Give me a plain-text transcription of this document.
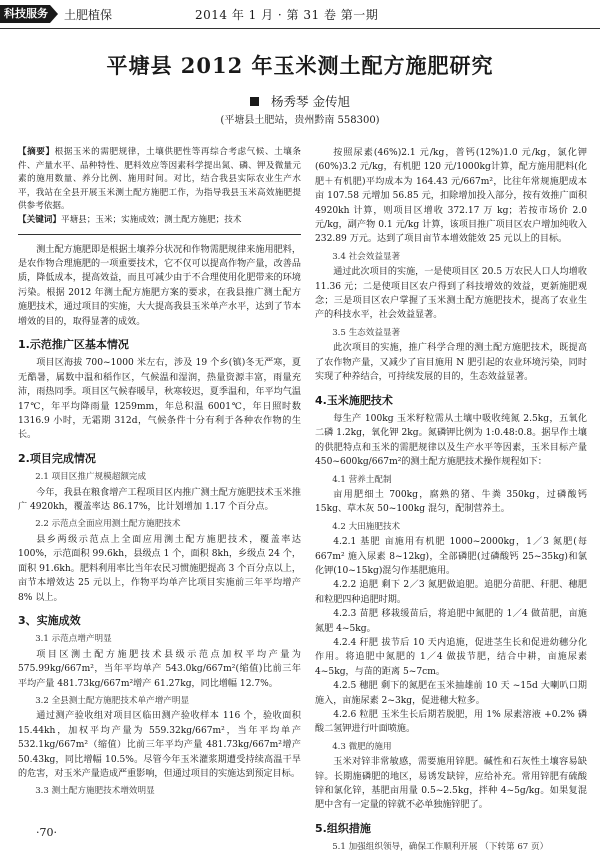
科技服务 土肥植保	2014 年 1 月 · 第 31 卷 第一期
平塘县 2012 年玉米测土配方施肥研究
杨秀琴 金传旭
(平塘县土肥站，贵州黔南 558300)

【摘要】根据玉米的需肥规律，土壤供肥性等再综合考虑气候、土壤条件、产量水平、品种特性、肥料效应等因素科学提出氮、磷、钾及微量元素的施用数量、养分比例、施用时间。对比，结合我县实际农业生产水平，我站在全县开展玉米测土配方施肥工作，为指导我县玉米高效施肥提供参考依据。

【关键词】平塘县；玉米；实施成效；测土配方施肥；技术

测土配方施肥即是根据土壤养分状况和作物需肥规律来施用肥料，是农作物合理施肥的一项重要技术，它不仅可以提高作物产量，改善品质，降低成本，提高效益，而且可减少由于不合理使用化肥带来的环境污染。根据 2012 年测土配方施肥方案的要求，在我县推广测土配方施肥技术，通过项目的实施，大大提高我县玉米单产水平，达到了节本增效的目的，取得显著的成效。

1.示范推广区基本情况

项目区海拔 700~1000 米左右，涉及 19 个乡(镇)冬无严寒，夏无酷暑，属数中温和稻作区，气候温和湿润，热量资源丰富，雨量充沛，雨热同季。项目区气候春暖早，秋寒较迟，夏季温和，年平均气温 17℃，年平均降雨量 1259mm，年总积温 6001℃，年日照时数 1316.9 小时，无霜期 312d，气候条件十分有利于各种农作物的生长。

2.项目完成情况
2.1 项目区推广规模超额完成

今年，我县在粮食增产工程项目区内推广测土配方施肥技术玉米推广 4920kh，覆盖率达 86.17%，比计划增加 1.17 个百分点。

2.2 示范点全面应用测土配方施肥技术

县乡两级示范点上全面应用测土配方施肥技术，覆盖率达 100%，示范面积 99.6kh，县级点 1 个，面积 8kh，乡级点 24 个，面积 91.6kh。肥料利用率比当年农民习惯施肥提高 3 个百分点以上，亩节本增效达 25 元以上，作物平均单产比项目实施前三年平均增产 8% 以上。

3、实施成效
3.1 示范点增产明显

项目区测土配方施肥技术县级示范点加权平均产量为 575.99kg/667m²，当年平均单产 543.0kg/667m²(缩值)比前三年平均产量 481.73kg/667m²增产 61.27kg，同比增幅 12.7%。

3.2 全县测土配方施肥技术单产增产明显

通过测产验收组对项目区临田测产验收样本 116 个，验收面积 15.44kh，加权平均产量为 559.32kg/667m²，当年平均单产 532.1kg/667m²（缩值）比前三年平均产量 481.73kg/667m²增产 50.43kg，同比增幅 10.5%。尽管今年玉米灌浆期遭受持续高温干旱的危害，对玉米产量造成严重影响，但通过项目的实施达到预定目标。

3.3 测土配方施肥技术增效明显

按照尿素(46%)2.1 元/kg，普钙(12%)1.0 元/kg，氯化钾(60%)3.2 元/kg，有机肥 120 元/1000kg计算，配方施用肥料(化肥＋有机肥)平均成本为 164.43 元/667m²，比往年常规施肥成本亩 107.58 元增加 56.85 元，扣除增加投入部分，按有效推广面积 4920kh 计算，则项目区增收 372.17 万 kg；若按市场价 2.0 元/kg，副产物 0.1 元/kg 计算，该项目推广项目区农户增加纯收入 232.89 万元。达到了项目亩节本增效能效 25 元以上的目标。

3.4 社会效益显著

通过此次项目的实施，一是使项目区 20.5 万农民人口人均增收 11.36 元；二是使项目区农户得到了科技增效的效益，更新施肥观念；三是项目区农户掌握了玉米测土配方施肥技术，提高了农业生产的科技水平，社会效益显著。

3.5 生态效益显著

此次项目的实施，推广科学合理的测土配方施肥技术，既提高了农作物产量，又减少了盲目施用 N 肥引起的农业环境污染，同时实现了种养结合，可持续发展的目的，生态效益显著。

4.玉米施肥技术

每生产 100kg 玉米籽粒需从土壤中吸收纯氮 2.5kg，五氧化二磷 1.2kg，氧化钾 2kg。氮磷钾比例为 1:0.48:0.8。据早作土壤的供肥特点和玉米的需肥规律以及生产水平等因素，玉米目标产量 450~600kg/667m²的测土配方施肥技术操作规程如下：

4.1 营养土配制

亩用肥细土 700kg，腐熟的猪、牛粪 350kg，过磷酸钙 15kg、草木灰 50~100kg 混匀，配制营养土。

4.2 大田施肥技术

4.2.1 基肥 亩施用有机肥 1000~2000kg，1／3 氮肥(每 667m² 施入尿素 8~12kg)，全部磷肥(过磷酸钙 25~35kg)和氯化钾(10~15kg)混匀作基肥施用。

4.2.2 追肥 剩下 2／3 氮肥做追肥。追肥分苗肥、秆肥、穗肥和粒肥四种追肥时期。

4.2.3 苗肥 移栽缓苗后，将追肥中氮肥的 1／4 做苗肥，亩施氮肥 4~5kg。

4.2.4 秆肥 拔节后 10 天内追施，促进茎生长和促进幼穗分化作用。将追肥中氮肥的 1／4 做拔节肥，结合中耕，亩施尿素 4~5kg，与苗的距离 5~7cm。

4.2.5 穗肥 剩下的氮肥在玉米抽雄前 10 天 ~15d 大喇叭口期施入，亩施尿素 2~3kg，促进穗大粒多。

4.2.6 粒肥 玉米生长后期若脱肥，用 1% 尿素溶液 +0.2% 磷酸二氢钾进行叶面喷施。

4.3 微肥的施用

玉米对锌非常敏感，需要施用锌肥。碱性和石灰性土壤容易缺锌。长期施磷肥的地区，易诱发缺锌，应给补充。常用锌肥有硫酸锌和氯化锌，基肥亩用量 0.5~2.5kg，拌种 4~5g/kg。如果复混肥中含有一定量的锌就不必单独施锌肥了。

5.组织措施
5.1 加强组织领导，确保工作顺利开展 （下转第 67 页）
·70·
